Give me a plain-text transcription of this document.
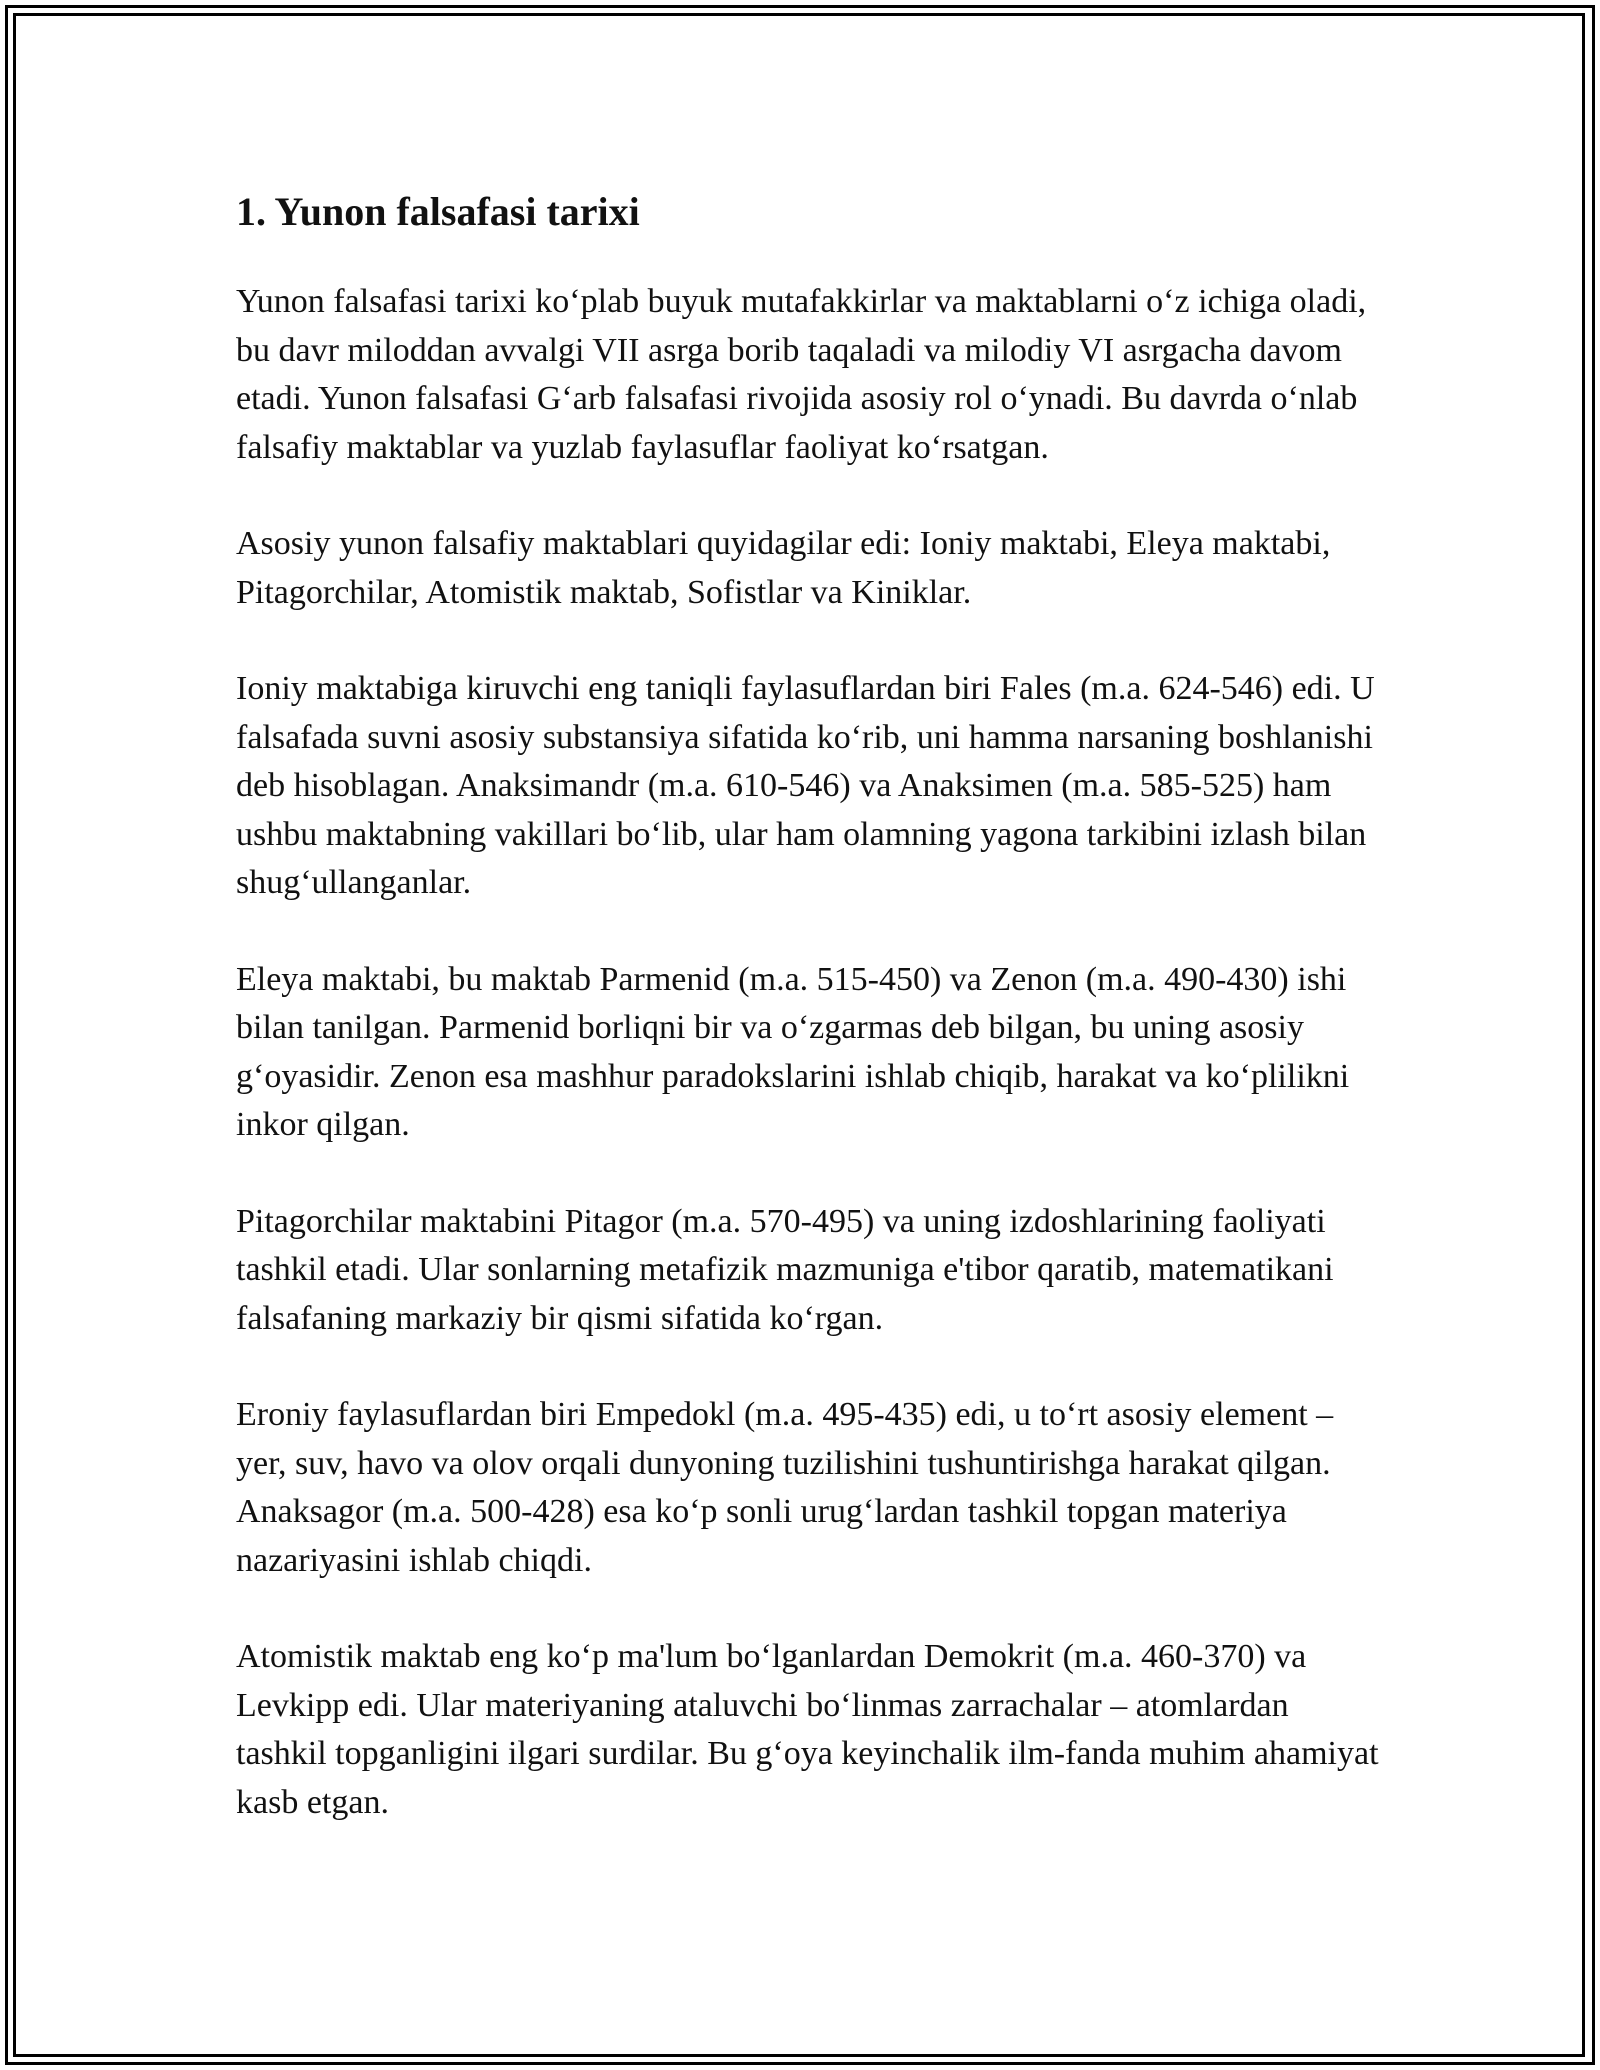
1. Yunon falsafasi tarixi

Yunon falsafasi tarixi ko‘plab buyuk mutafakkirlar va maktablarni o‘z ichiga oladi, bu davr miloddan avvalgi VII asrga borib taqaladi va milodiy VI asrgacha davom etadi. Yunon falsafasi G‘arb falsafasi rivojida asosiy rol o‘ynadi. Bu davrda o‘nlab falsafiy maktablar va yuzlab faylasuflar faoliyat ko‘rsatgan.

Asosiy yunon falsafiy maktablari quyidagilar edi: Ioniy maktabi, Eleya maktabi, Pitagorchilar, Atomistik maktab, Sofistlar va Kiniklar.

Ioniy maktabiga kiruvchi eng taniqli faylasuflardan biri Fales (m.a. 624-546) edi. U falsafada suvni asosiy substansiya sifatida ko‘rib, uni hamma narsaning boshlanishi deb hisoblagan. Anaksimandr (m.a. 610-546) va Anaksimen (m.a. 585-525) ham ushbu maktabning vakillari bo‘lib, ular ham olamning yagona tarkibini izlash bilan shug‘ullanganlar.

Eleya maktabi, bu maktab Parmenid (m.a. 515-450) va Zenon (m.a. 490-430) ishi bilan tanilgan. Parmenid borliqni bir va o‘zgarmas deb bilgan, bu uning asosiy g‘oyasidir. Zenon esa mashhur paradokslarini ishlab chiqib, harakat va ko‘plilikni inkor qilgan.

Pitagorchilar maktabini Pitagor (m.a. 570-495) va uning izdoshlarining faoliyati tashkil etadi. Ular sonlarning metafizik mazmuniga e'tibor qaratib, matematikani falsafaning markaziy bir qismi sifatida ko‘rgan.

Eroniy faylasuflardan biri Empedokl (m.a. 495-435) edi, u to‘rt asosiy element – yer, suv, havo va olov orqali dunyoning tuzilishini tushuntirishga harakat qilgan. Anaksagor (m.a. 500-428) esa ko‘p sonli urug‘lardan tashkil topgan materiya nazariyasini ishlab chiqdi.

Atomistik maktab eng ko‘p ma'lum bo‘lganlardan Demokrit (m.a. 460-370) va Levkipp edi. Ular materiyaning ataluvchi bo‘linmas zarrachalar – atomlardan tashkil topganligini ilgari surdilar. Bu g‘oya keyinchalik ilm-fanda muhim ahamiyat kasb etgan.
